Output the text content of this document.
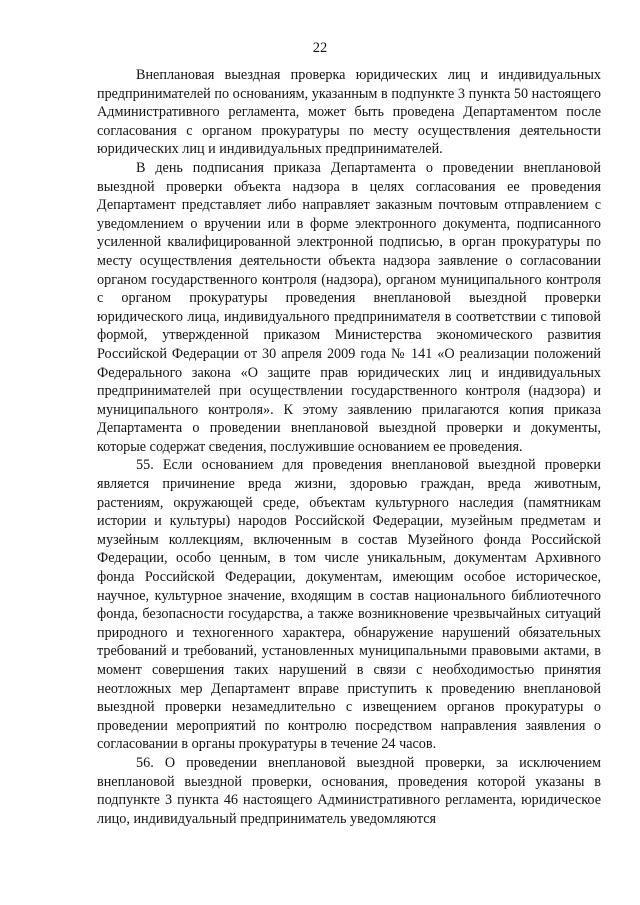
22

Внеплановая выездная проверка юридических лиц и индивидуальных предпринимателей по основаниям, указанным в подпункте 3 пункта 50 настоящего Административного регламента, может быть проведена Департаментом после согласования с органом прокуратуры по месту осуществления деятельности юридических лиц и индивидуальных предпринимателей.

В день подписания приказа Департамента о проведении внеплановой выездной проверки объекта надзора в целях согласования ее проведения Департамент представляет либо направляет заказным почтовым отправлением с уведомлением о вручении или в форме электронного документа, подписанного усиленной квалифицированной электронной подписью, в орган прокуратуры по месту осуществления деятельности объекта надзора заявление о согласовании органом государственного контроля (надзора), органом муниципального контроля с органом прокуратуры проведения внеплановой выездной проверки юридического лица, индивидуального предпринимателя в соответствии с типовой формой, утвержденной приказом Министерства экономического развития Российской Федерации от 30 апреля 2009 года № 141 «О реализации положений Федерального закона «О защите прав юридических лиц и индивидуальных предпринимателей при осуществлении государственного контроля (надзора) и муниципального контроля». К этому заявлению прилагаются копия приказа Департамента о проведении внеплановой выездной проверки и документы, которые содержат сведения, послужившие основанием ее проведения.

55. Если основанием для проведения внеплановой выездной проверки является причинение вреда жизни, здоровью граждан, вреда животным, растениям, окружающей среде, объектам культурного наследия (памятникам истории и культуры) народов Российской Федерации, музейным предметам и музейным коллекциям, включенным в состав Музейного фонда Российской Федерации, особо ценным, в том числе уникальным, документам Архивного фонда Российской Федерации, документам, имеющим особое историческое, научное, культурное значение, входящим в состав национального библиотечного фонда, безопасности государства, а также возникновение чрезвычайных ситуаций природного и техногенного характера, обнаружение нарушений обязательных требований и требований, установленных муниципальными правовыми актами, в момент совершения таких нарушений в связи с необходимостью принятия неотложных мер Департамент вправе приступить к проведению внеплановой выездной проверки незамедлительно с извещением органов прокуратуры о проведении мероприятий по контролю посредством направления заявления о согласовании в органы прокуратуры в течение 24 часов.

56. О проведении внеплановой выездной проверки, за исключением внеплановой выездной проверки, основания, проведения которой указаны в подпункте 3 пункта 46 настоящего Административного регламента, юридическое лицо, индивидуальный предприниматель уведомляются
